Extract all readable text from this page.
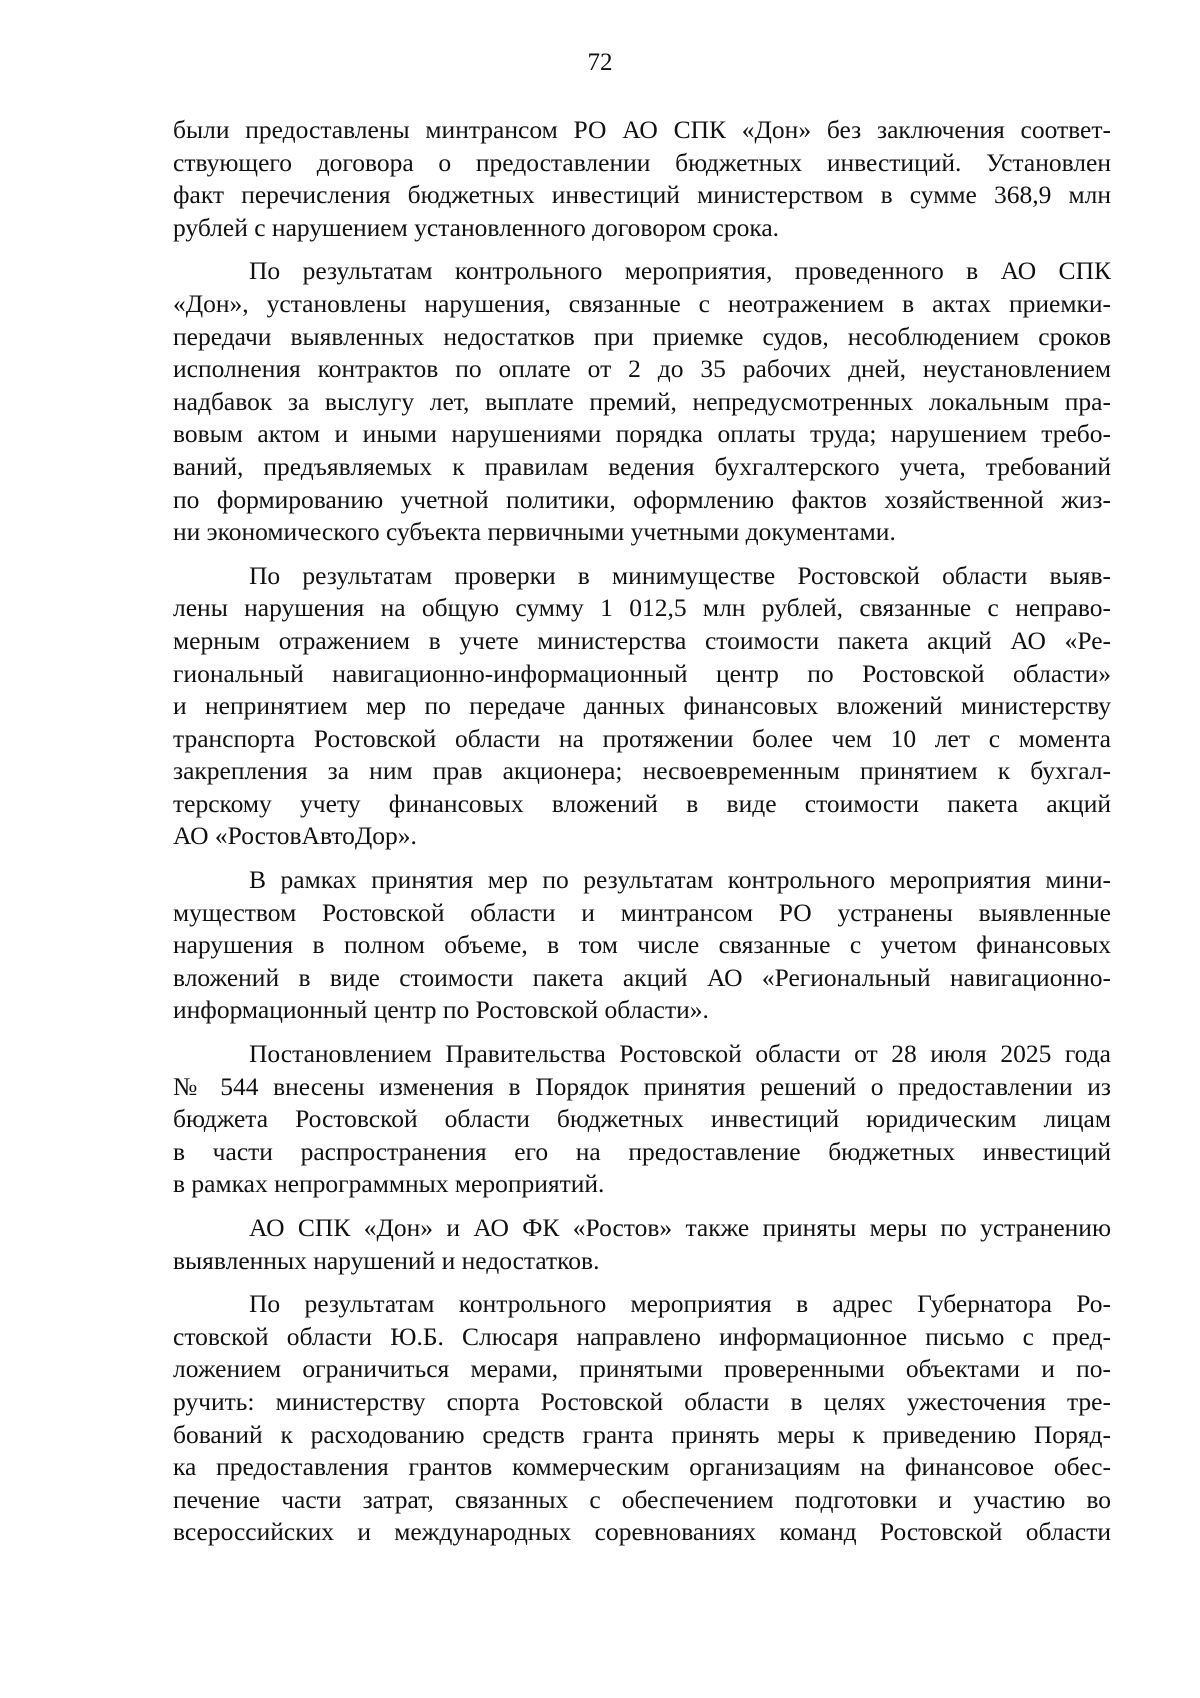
72

были предоставлены минтрансом РО АО СПК «Дон» без заключения соответ-
ствующего договора о предоставлении бюджетных инвестиций. Установлен
факт перечисления бюджетных инвестиций министерством в сумме 368,9 млн
рублей с нарушением установленного договором срока.

По результатам контрольного мероприятия, проведенного в АО СПК
«Дон», установлены нарушения, связанные с неотражением в актах приемки-
передачи выявленных недостатков при приемке судов, несоблюдением сроков
исполнения контрактов по оплате от 2 до 35 рабочих дней, неустановлением
надбавок за выслугу лет, выплате премий, непредусмотренных локальным пра-
вовым актом и иными нарушениями порядка оплаты труда; нарушением требо-
ваний, предъявляемых к правилам ведения бухгалтерского учета, требований
по формированию учетной политики, оформлению фактов хозяйственной жиз-
ни экономического субъекта первичными учетными документами.

По результатам проверки в минимуществе Ростовской области выяв-
лены нарушения на общую сумму 1 012,5 млн рублей, связанные с неправо-
мерным отражением в учете министерства стоимости пакета акций АО «Ре-
гиональный навигационно-информационный центр по Ростовской области»
и непринятием мер по передаче данных финансовых вложений министерству
транспорта Ростовской области на протяжении более чем 10 лет с момента
закрепления за ним прав акционера; несвоевременным принятием к бухгал-
терскому учету финансовых вложений в виде стоимости пакета акций
АО «РостовАвтоДор».

В рамках принятия мер по результатам контрольного мероприятия мини-
муществом Ростовской области и минтрансом РО устранены выявленные
нарушения в полном объеме, в том числе связанные с учетом финансовых
вложений в виде стоимости пакета акций АО «Региональный навигационно-
информационный центр по Ростовской области».

Постановлением Правительства Ростовской области от 28 июля 2025 года
№ 544 внесены изменения в Порядок принятия решений о предоставлении из
бюджета Ростовской области бюджетных инвестиций юридическим лицам
в части распространения его на предоставление бюджетных инвестиций
в рамках непрограммных мероприятий.

АО СПК «Дон» и АО ФК «Ростов» также приняты меры по устранению
выявленных нарушений и недостатков.

По результатам контрольного мероприятия в адрес Губернатора Ро-
стовской области Ю.Б. Слюсаря направлено информационное письмо с пред-
ложением ограничиться мерами, принятыми проверенными объектами и по-
ручить: министерству спорта Ростовской области в целях ужесточения тре-
бований к расходованию средств гранта принять меры к приведению Поряд-
ка предоставления грантов коммерческим организациям на финансовое обес-
печение части затрат, связанных с обеспечением подготовки и участию во
всероссийских и международных соревнованиях команд Ростовской области
